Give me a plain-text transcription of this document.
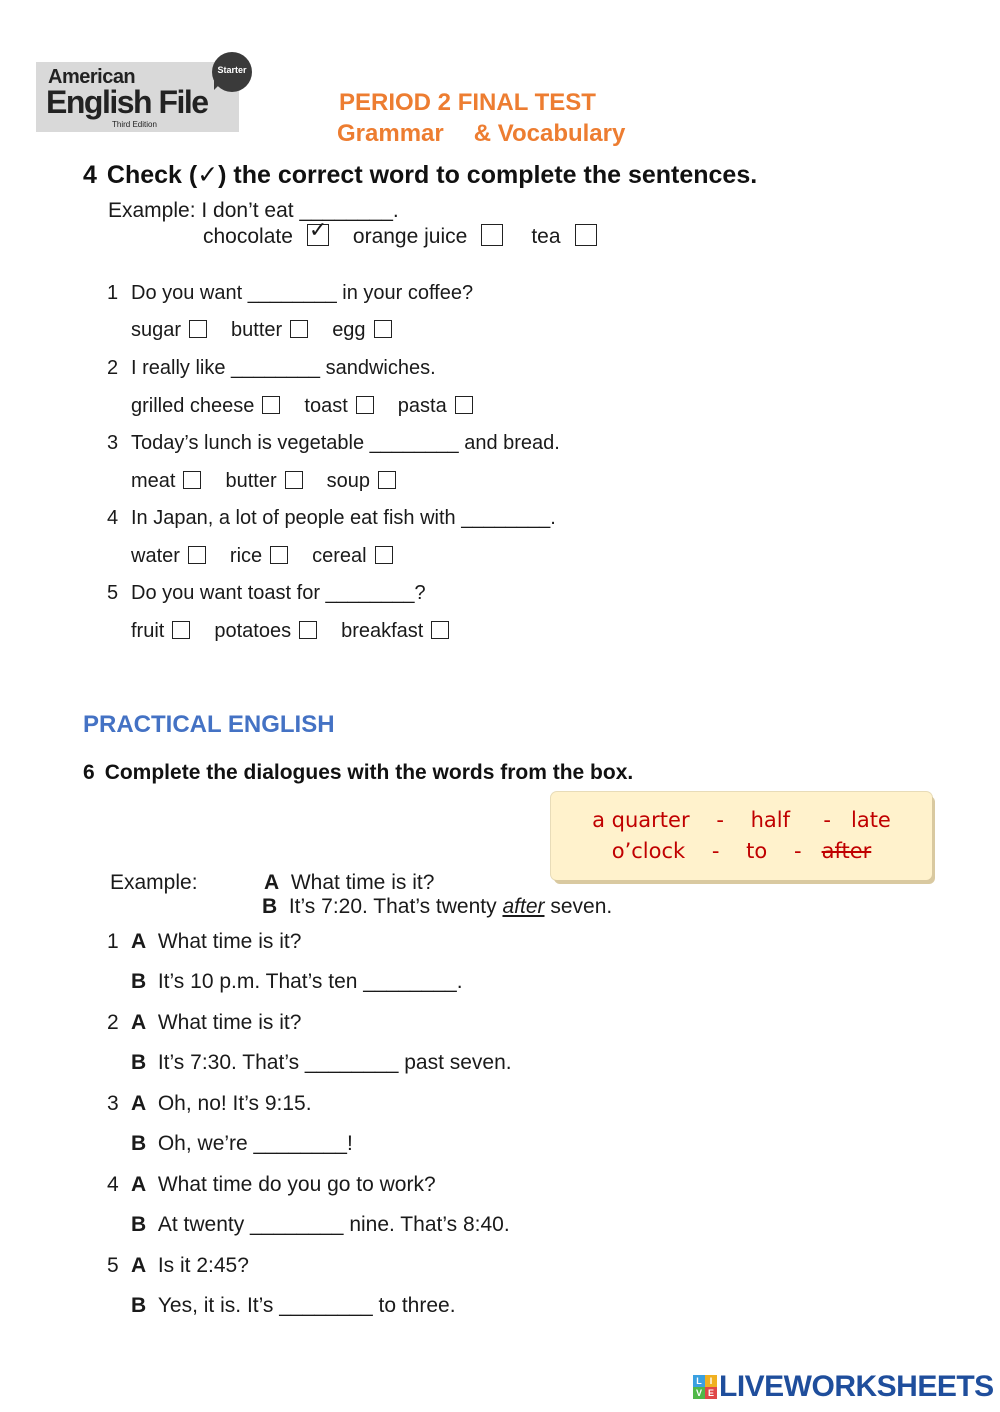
American
English File
Third Edition
Starter
PERIOD 2 FINAL TEST
Grammar & Vocabulary
4 Check (✓) the correct word to complete the sentences.
Example: I don’t eat ________.
chocolate ✓ orange juice	tea
1 Do you want ________ in your coffee?
sugar	butter	egg
2 I really like ________ sandwiches.
grilled cheese	toast	pasta
3 Today’s lunch is vegetable ________ and bread.
meat	butter	soup
4 In Japan, a lot of people eat fish with ________.
water	rice	cereal
5 Do you want toast for ________?
fruit	potatoes	breakfast
PRACTICAL ENGLISH
6 Complete the dialogues with the words from the box.
a quarter - half - late
o’clock - to - after
Example:	A What time is it?
B It’s 7:20. That’s twenty after seven.
1 A What time is it?
B It’s 10 p.m. That’s ten ________.
2 A What time is it?
B It’s 7:30. That’s ________ past seven.
3 A Oh, no! It’s 9:15.
B Oh, we’re ________!
4 A What time do you go to work?
B At twenty ________ nine. That’s 8:40.
5 A Is it 2:45?
B Yes, it is. It’s ________ to three.
L I
V E LIVEWORKSHEETS
